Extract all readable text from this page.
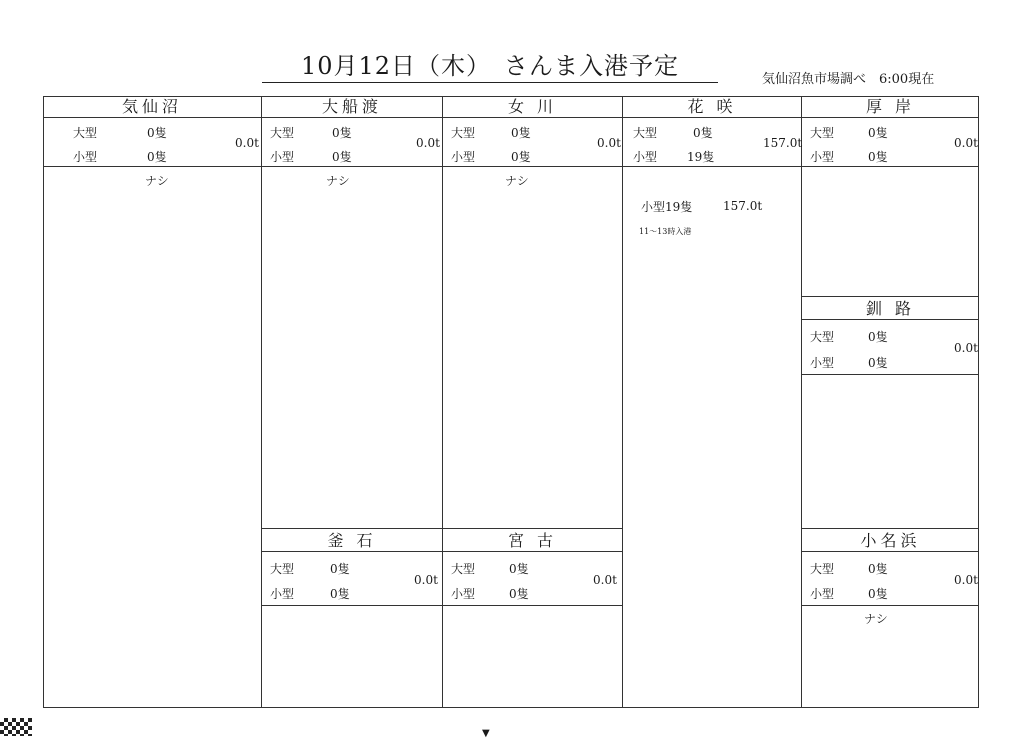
10月12日（木）　さんま入港予定	気仙沼魚市場調べ　6:00現在
気仙沼
大型	0隻
小型	0隻
0.0t
ナシ
大船渡
大型	0隻
小型	0隻
0.0t
ナシ
女 川
大型	0隻
小型	0隻
0.0t
ナシ
花 咲
大型	0隻
小型 19隻
157.0t
小型19隻	157.0t
11～13時入港
厚 岸
大型	0隻
小型	0隻
0.0t
釧 路
大型	0隻
小型	0隻
0.0t
釜 石
大型	0隻
小型	0隻
0.0t
宮 古
大型	0隻
小型	0隻
0.0t
小名浜
大型	0隻
小型	0隻
0.0t
ナシ
▼
